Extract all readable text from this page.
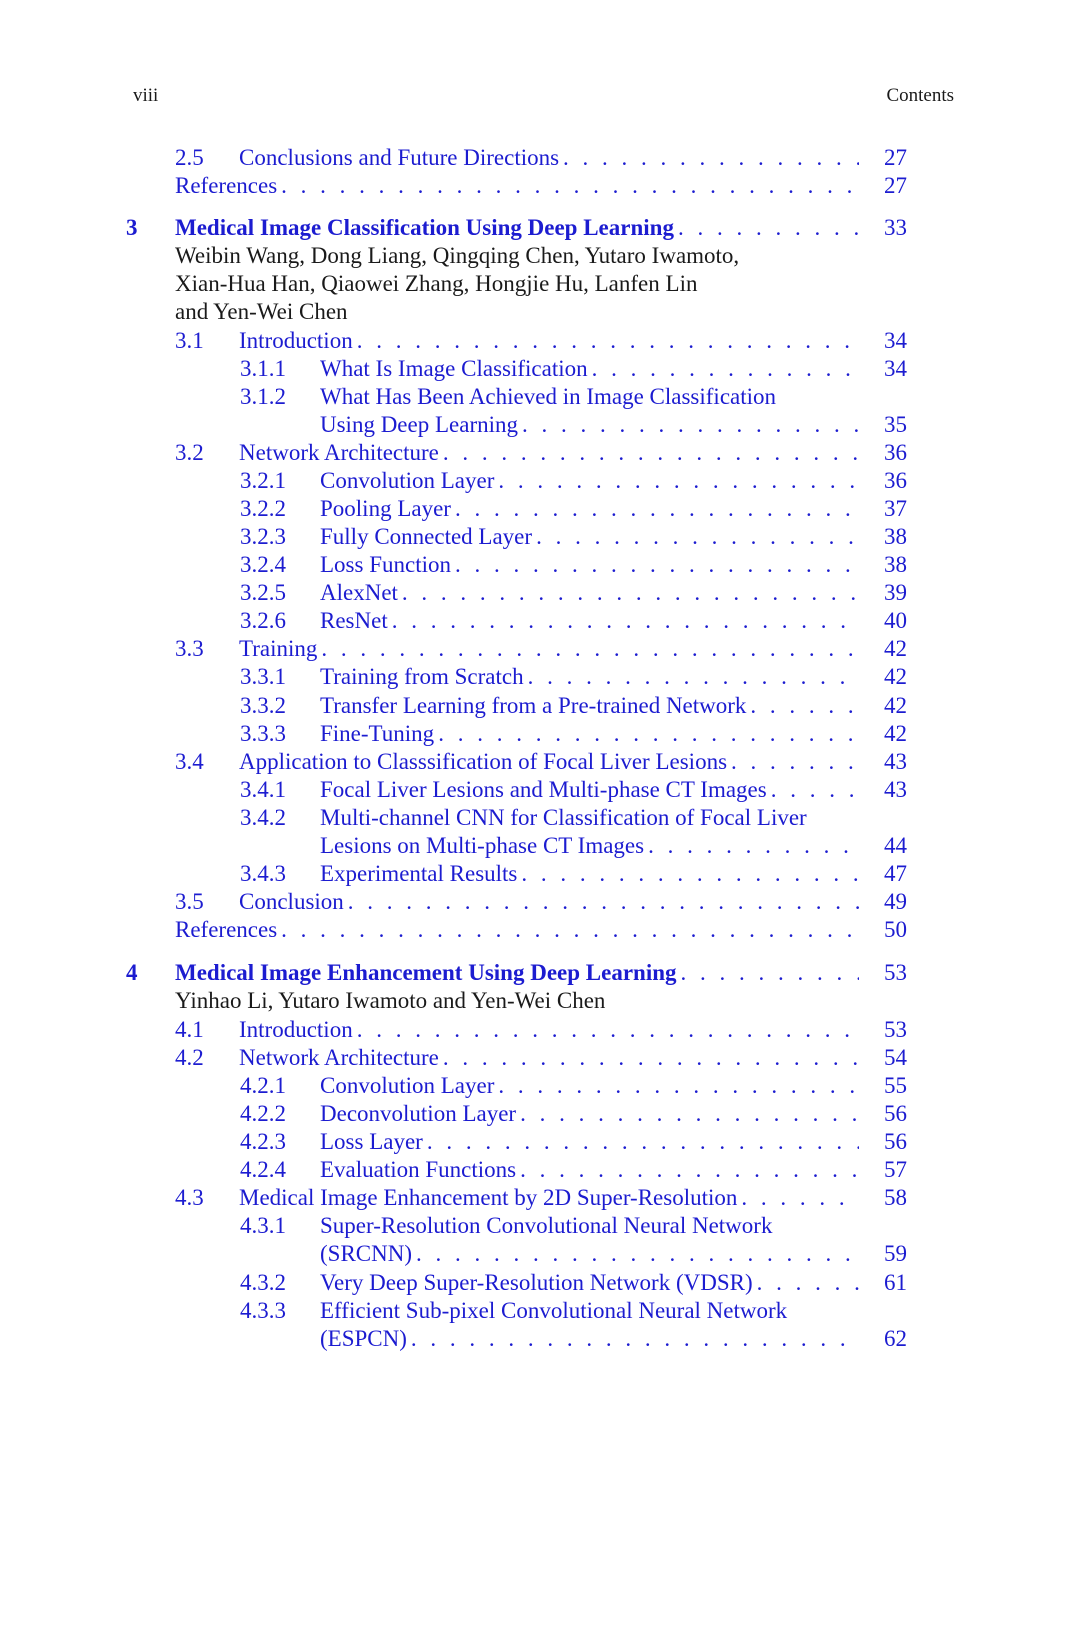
viii	Contents
2.5 Conclusions and Future Directions . . .	27
References . . .	27
3 Medical Image Classification Using Deep Learning . . .	33
Weibin Wang, Dong Liang, Qingqing Chen, Yutaro Iwamoto,
Xian-Hua Han, Qiaowei Zhang, Hongjie Hu, Lanfen Lin
and Yen-Wei Chen
3.1 Introduction . . .	34
3.1.1 What Is Image Classification . . .	34
3.1.2 What Has Been Achieved in Image Classification
Using Deep Learning . . .	35
3.2 Network Architecture . . .	36
3.2.1 Convolution Layer . . .	36
3.2.2 Pooling Layer . . .	37
3.2.3 Fully Connected Layer . . .	38
3.2.4 Loss Function . . .	38
3.2.5 AlexNet . . .	39
3.2.6 ResNet . . .	40
3.3 Training . . .	42
3.3.1 Training from Scratch . . .	42
3.3.2 Transfer Learning from a Pre-trained Network . . .	42
3.3.3 Fine-Tuning . . .	42
3.4 Application to Classsification of Focal Liver Lesions . . .	43
3.4.1 Focal Liver Lesions and Multi-phase CT Images . . .	43
3.4.2 Multi-channel CNN for Classification of Focal Liver
Lesions on Multi-phase CT Images . . .	44
3.4.3 Experimental Results . . .	47
3.5 Conclusion . . .	49
References . . .	50
4 Medical Image Enhancement Using Deep Learning . . .	53
Yinhao Li, Yutaro Iwamoto and Yen-Wei Chen
4.1 Introduction . . .	53
4.2 Network Architecture . . .	54
4.2.1 Convolution Layer . . .	55
4.2.2 Deconvolution Layer . . .	56
4.2.3 Loss Layer . . .	56
4.2.4 Evaluation Functions . . .	57
4.3 Medical Image Enhancement by 2D Super-Resolution . . .	58
4.3.1 Super-Resolution Convolutional Neural Network
(SRCNN) . . .	59
4.3.2 Very Deep Super-Resolution Network (VDSR) . . .	61
4.3.3 Efficient Sub-pixel Convolutional Neural Network
(ESPCN) . . .	62
